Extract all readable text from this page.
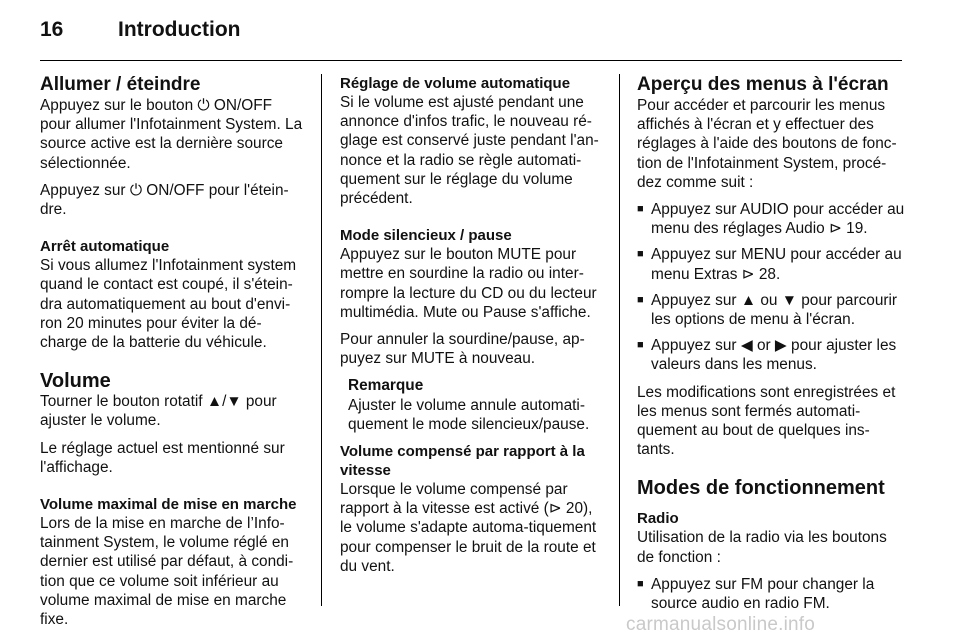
16	Introduction
Allumer / éteindre

Appuyez sur le bouton ⏻ ON/OFF pour allumer l'Infotainment System. La source active est la dernière source sélectionnée.

Appuyez sur ⏻ ON/OFF pour l'étein-dre.

Arrêt automatique

Si vous allumez l'Infotainment system quand le contact est coupé, il s'étein-dra automatiquement au bout d'envi-ron 20 minutes pour éviter la dé-charge de la batterie du véhicule.

Volume

Tourner le bouton rotatif ▲/▼ pour ajuster le volume.

Le réglage actuel est mentionné sur l'affichage.

Volume maximal de mise en marche

Lors de la mise en marche de l’Info-tainment System, le volume réglé en dernier est utilisé par défaut, à condi-tion que ce volume soit inférieur au volume maximal de mise en marche fixe.

Réglage de volume automatique

Si le volume est ajusté pendant une annonce d'infos trafic, le nouveau ré-glage est conservé juste pendant l'an-nonce et la radio se règle automati-quement sur le réglage du volume précédent.

Mode silencieux / pause

Appuyez sur le bouton MUTE pour mettre en sourdine la radio ou inter-rompre la lecture du CD ou du lecteur multimédia. Mute ou Pause s'affiche.

Pour annuler la sourdine/pause, ap-puyez sur MUTE à nouveau.

Remarque
Ajuster le volume annule automati-quement le mode silencieux/pause.
Volume compensé par rapport à la vitesse

Lorsque le volume compensé par rapport à la vitesse est activé (⊳ 20), le volume s'adapte automa-tiquement pour compenser le bruit de la route et du vent.

Aperçu des menus à l'écran

Pour accéder et parcourir les menus affichés à l'écran et y effectuer des réglages à l'aide des boutons de fonc-tion de l'Infotainment System, procé-dez comme suit :

■ Appuyez sur AUDIO pour accéder au menu des réglages Audio ⊳ 19.
■ Appuyez sur MENU pour accéder au menu Extras ⊳ 28.
■ Appuyez sur ▲ ou ▼ pour parcourir les options de menu à l'écran.
■ Appuyez sur ◀ or ▶ pour ajuster les valeurs dans les menus.

Les modifications sont enregistrées et les menus sont fermés automati-quement au bout de quelques ins-tants.

Modes de fonctionnement
Radio

Utilisation de la radio via les boutons de fonction :

■ Appuyez sur FM pour changer la source audio en radio FM.
carmanualsonline.info
